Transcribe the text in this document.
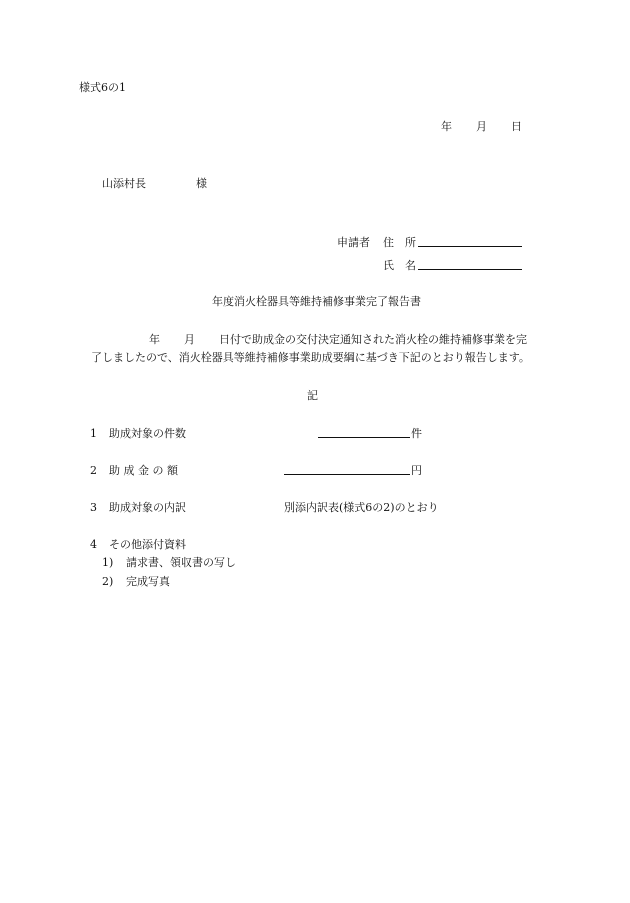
様式6の1
年 月 日
山添村長	様
申請者 住　所
氏　名
年度消火栓器具等維持補修事業完了報告書
年 月 日付で助成金の交付決定通知された消火栓の維持補修事業を完
了しましたので、消火栓器具等維持補修事業助成要綱に基づき下記のとおり報告します。
記
1 助成対象の件数	件
2 助 成 金 の 額	円
3 助成対象の内訳	別添内訳表(様式6の2)のとおり
4 その他添付資料
1) 請求書、領収書の写し
2) 完成写真
